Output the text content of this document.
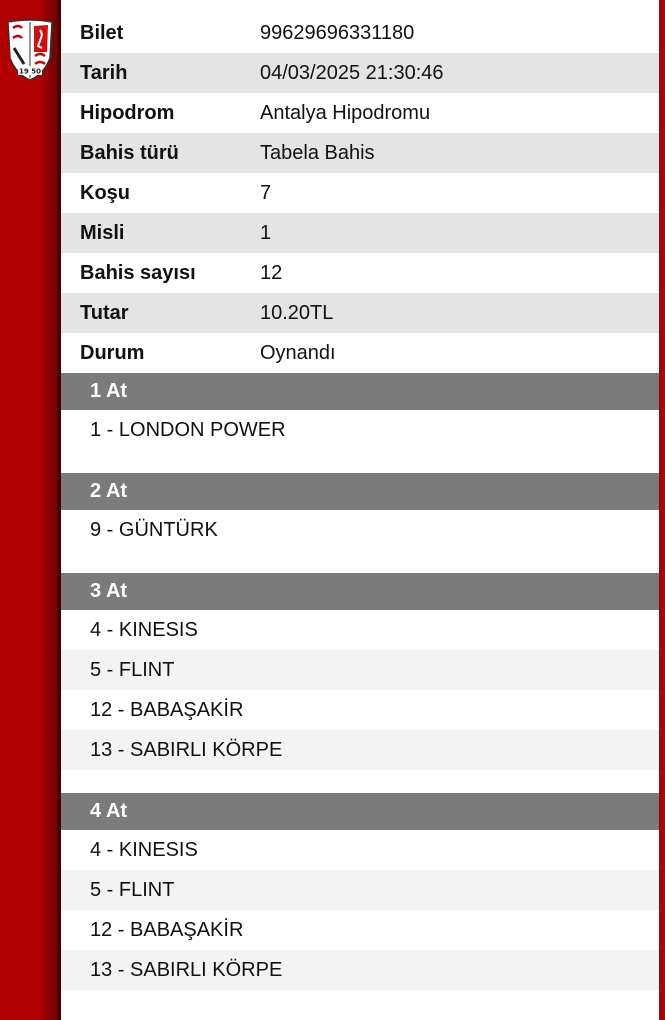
19 50
Bilet	99629696331180
Tarih	04/03/2025 21:30:46
Hipodrom	Antalya Hipodromu
Bahis türü	Tabela Bahis
Koşu	7
Misli	1
Bahis sayısı	12
Tutar	10.20TL
Durum	Oynandı
1 At
1 - LONDON POWER
2 At
9 - GÜNTÜRK
3 At
4 - KINESIS
5 - FLINT
12 - BABAŞAKİR
13 - SABIRLI KÖRPE
4 At
4 - KINESIS
5 - FLINT
12 - BABAŞAKİR
13 - SABIRLI KÖRPE
